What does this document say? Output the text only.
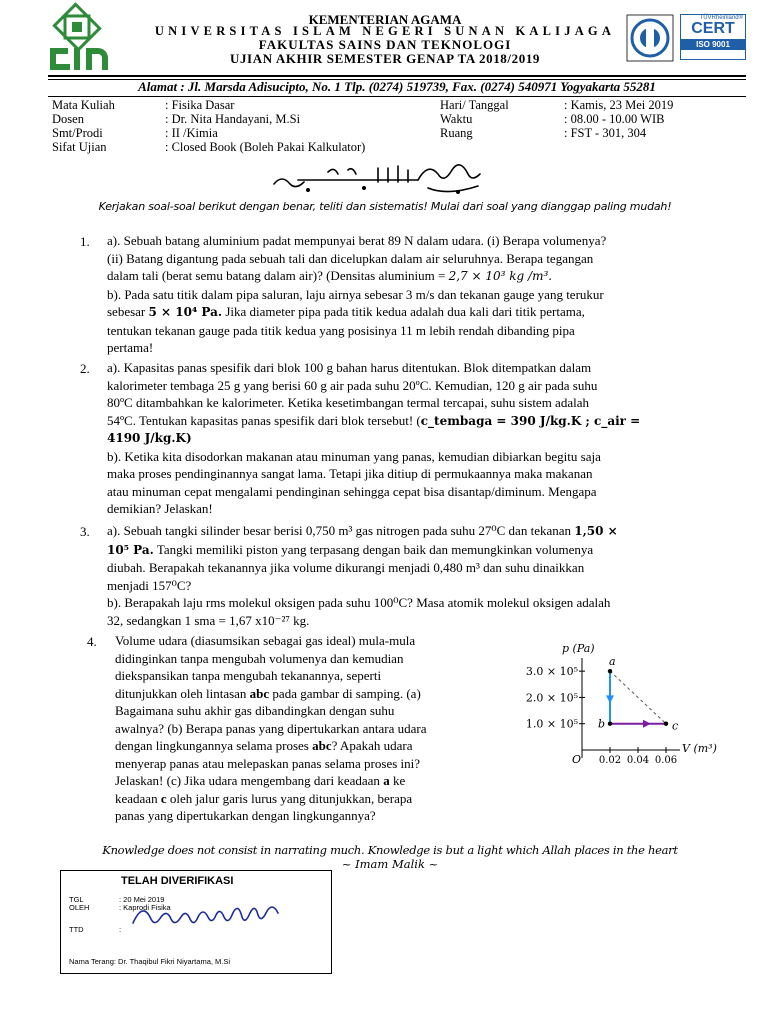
KEMENTERIAN AGAMA
UNIVERSITAS ISLAM NEGERI SUNAN KALIJAGA
FAKULTAS SAINS DAN TEKNOLOGI
UJIAN AKHIR SEMESTER GENAP TA 2018/2019
TÜVRheinland®
CERT
ISO 9001
Alamat : Jl. Marsda Adisucipto, No. 1 Tlp. (0274) 519739, Fax. (0274) 540971 Yogyakarta 55281
Mata Kuliah	: Fisika Dasar
Dosen	: Dr. Nita Handayani, M.Si
Smt/Prodi	: II /Kimia
Sifat Ujian	: Closed Book (Boleh Pakai Kalkulator)
Hari/ Tanggal	: Kamis, 23 Mei 2019
Waktu	: 08.00 - 10.00 WIB
Ruang	: FST - 301, 304
Kerjakan soal-soal berikut dengan benar, teliti dan sistematis! Mulai dari soal yang dianggap paling mudah!
1. a). Sebuah batang aluminium padat mempunyai berat 89 N dalam udara. (i) Berapa volumenya?
(ii) Batang digantung pada sebuah tali dan dicelupkan dalam air seluruhnya. Berapa tegangan
dalam tali (berat semu batang dalam air)? (Densitas aluminium = 2,7 × 10³ kg /m³.
b). Pada satu titik dalam pipa saluran, laju airnya sebesar 3 m/s dan tekanan gauge yang terukur
sebesar 5 × 10⁴ Pa. Jika diameter pipa pada titik kedua adalah dua kali dari titik pertama,
tentukan tekanan gauge pada titik kedua yang posisinya 11 m lebih rendah dibanding pipa
pertama!
2. a). Kapasitas panas spesifik dari blok 100 g bahan harus ditentukan. Blok ditempatkan dalam
kalorimeter tembaga 25 g yang berisi 60 g air pada suhu 20ºC. Kemudian, 120 g air pada suhu
80ºC ditambahkan ke kalorimeter. Ketika kesetimbangan termal tercapai, suhu sistem adalah
54ºC. Tentukan kapasitas panas spesifik dari blok tersebut! (c_tembaga = 390 J/kg.K ; c_air =
4190 J/kg.K)
b). Ketika kita disodorkan makanan atau minuman yang panas, kemudian dibiarkan begitu saja
maka proses pendinginannya sangat lama. Tetapi jika ditiup di permukaannya maka makanan
atau minuman cepat mengalami pendinginan sehingga cepat bisa disantap/diminum. Mengapa
demikian? Jelaskan!
3. a). Sebuah tangki silinder besar berisi 0,750 m³ gas nitrogen pada suhu 27⁰C dan tekanan 1,50 ×
10⁵ Pa. Tangki memiliki piston yang terpasang dengan baik dan memungkinkan volumenya
diubah. Berapakah tekanannya jika volume dikurangi menjadi 0,480 m³ dan suhu dinaikkan
menjadi 157⁰C?
b). Berapakah laju rms molekul oksigen pada suhu 100⁰C? Masa atomik molekul oksigen adalah
32, sedangkan 1 sma = 1,67 x10⁻²⁷ kg.
4. Volume udara (diasumsikan sebagai gas ideal) mula-mula
didinginkan tanpa mengubah volumenya dan kemudian
diekspansikan tanpa mengubah tekanannya, seperti
ditunjukkan oleh lintasan abc pada gambar di samping. (a)
Bagaimana suhu akhir gas dibandingkan dengan suhu
awalnya? (b) Berapa panas yang dipertukarkan antara udara
dengan lingkungannya selama proses abc? Apakah udara
menyerap panas atau melepaskan panas selama proses ini?
Jelaskan! (c) Jika udara mengembang dari keadaan a ke
keadaan c oleh jalur garis lurus yang ditunjukkan, berapa
panas yang dipertukarkan dengan lingkungannya?
p (Pa)
V (m³)
3.0 × 10⁵
2.0 × 10⁵
1.0 × 10⁵
O 0.02 0.04 0.06
a
b	c
Knowledge does not consist in narrating much. Knowledge is but a light which Allah places in the heart
~ Imam Malik ~
TELAH DIVERIFIKASI
TGL	: 20 Mei 2019
OLEH	: Kaprodi Fisika
TTD	:
Nama Terang: Dr. Thaqibul Fikri Niyartama, M.Si
